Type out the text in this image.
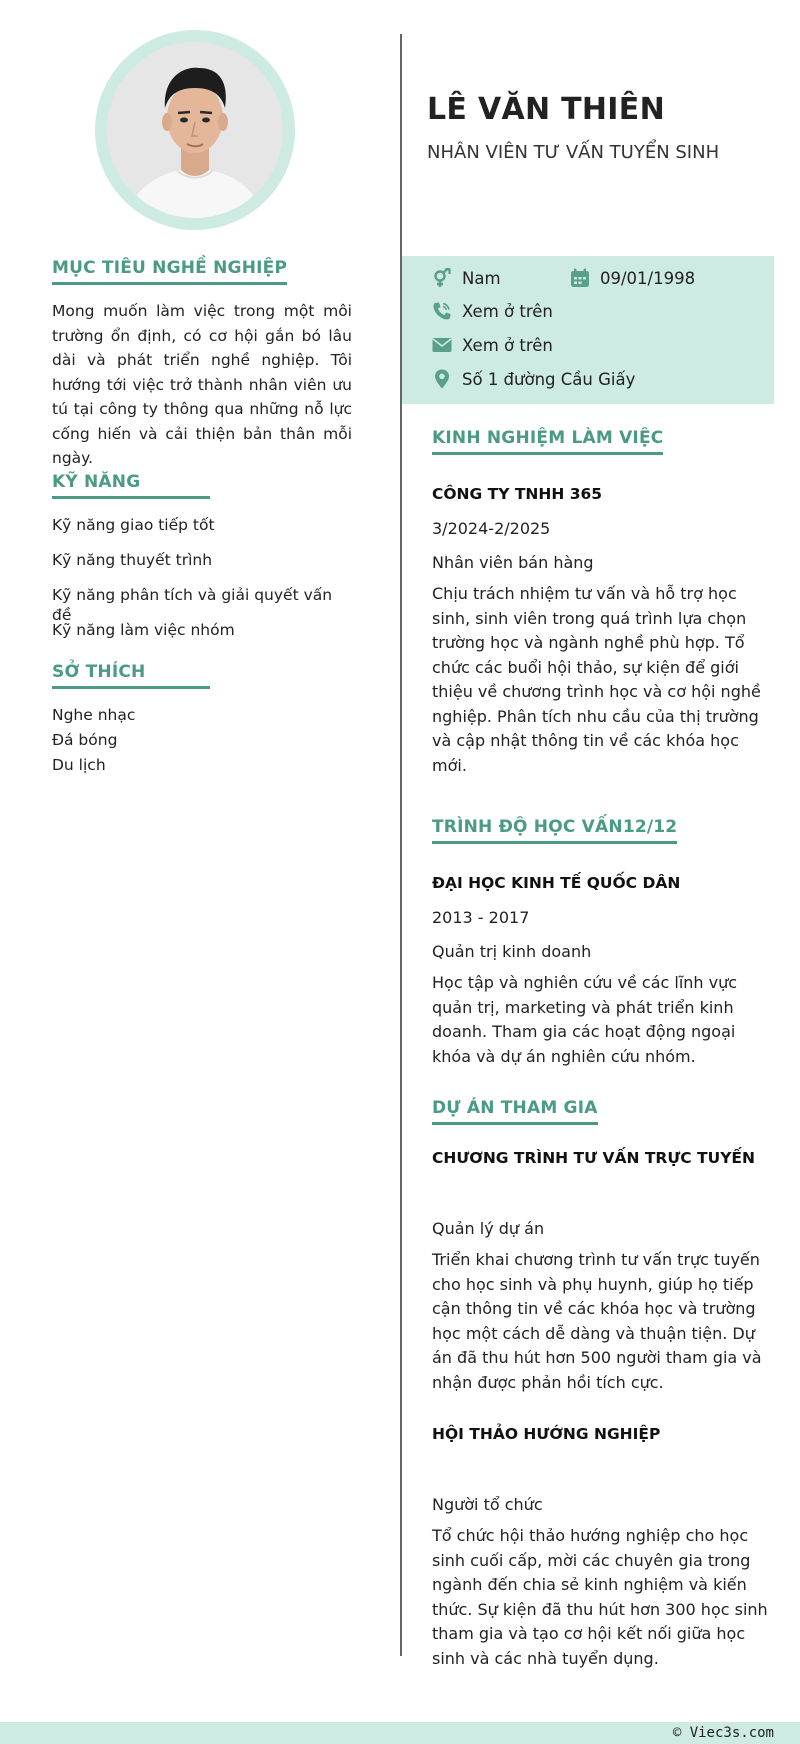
MỤC TIÊU NGHỀ NGHIỆP

Mong muốn làm việc trong một môi trường ổn định, có cơ hội gắn bó lâu dài và phát triển nghề nghiệp. Tôi hướng tới việc trở thành nhân viên ưu tú tại công ty thông qua những nỗ lực cống hiến và cải thiện bản thân mỗi ngày.

KỸ NĂNG
Kỹ năng giao tiếp tốt
Kỹ năng thuyết trình
Kỹ năng phân tích và giải quyết vấn đề
Kỹ năng làm việc nhóm
SỞ THÍCH
Nghe nhạc
Đá bóng
Du lịch
LÊ VĂN THIÊN
NHÂN VIÊN TƯ VẤN TUYỂN SINH
Nam	09/01/1998
Xem ở trên
Xem ở trên
Số 1 đường Cầu Giấy
KINH NGHIỆM LÀM VIỆC
CÔNG TY TNHH 365
3/2024-2/2025
Nhân viên bán hàng
Chịu trách nhiệm tư vấn và hỗ trợ học sinh, sinh viên trong quá trình lựa chọn trường học và ngành nghề phù hợp. Tổ chức các buổi hội thảo, sự kiện để giới thiệu về chương trình học và cơ hội nghề nghiệp. Phân tích nhu cầu của thị trường và cập nhật thông tin về các khóa học mới.
TRÌNH ĐỘ HỌC VẤN12/12
ĐẠI HỌC KINH TẾ QUỐC DÂN
2013 - 2017
Quản trị kinh doanh
Học tập và nghiên cứu về các lĩnh vực quản trị, marketing và phát triển kinh doanh. Tham gia các hoạt động ngoại khóa và dự án nghiên cứu nhóm.
DỰ ÁN THAM GIA
CHƯƠNG TRÌNH TƯ VẤN TRỰC TUYẾN
Quản lý dự án
Triển khai chương trình tư vấn trực tuyến cho học sinh và phụ huynh, giúp họ tiếp cận thông tin về các khóa học và trường học một cách dễ dàng và thuận tiện. Dự án đã thu hút hơn 500 người tham gia và nhận được phản hồi tích cực.
HỘI THẢO HƯỚNG NGHIỆP
Người tổ chức
Tổ chức hội thảo hướng nghiệp cho học sinh cuối cấp, mời các chuyên gia trong ngành đến chia sẻ kinh nghiệm và kiến thức. Sự kiện đã thu hút hơn 300 học sinh tham gia và tạo cơ hội kết nối giữa học sinh và các nhà tuyển dụng.
© Viec3s.com
